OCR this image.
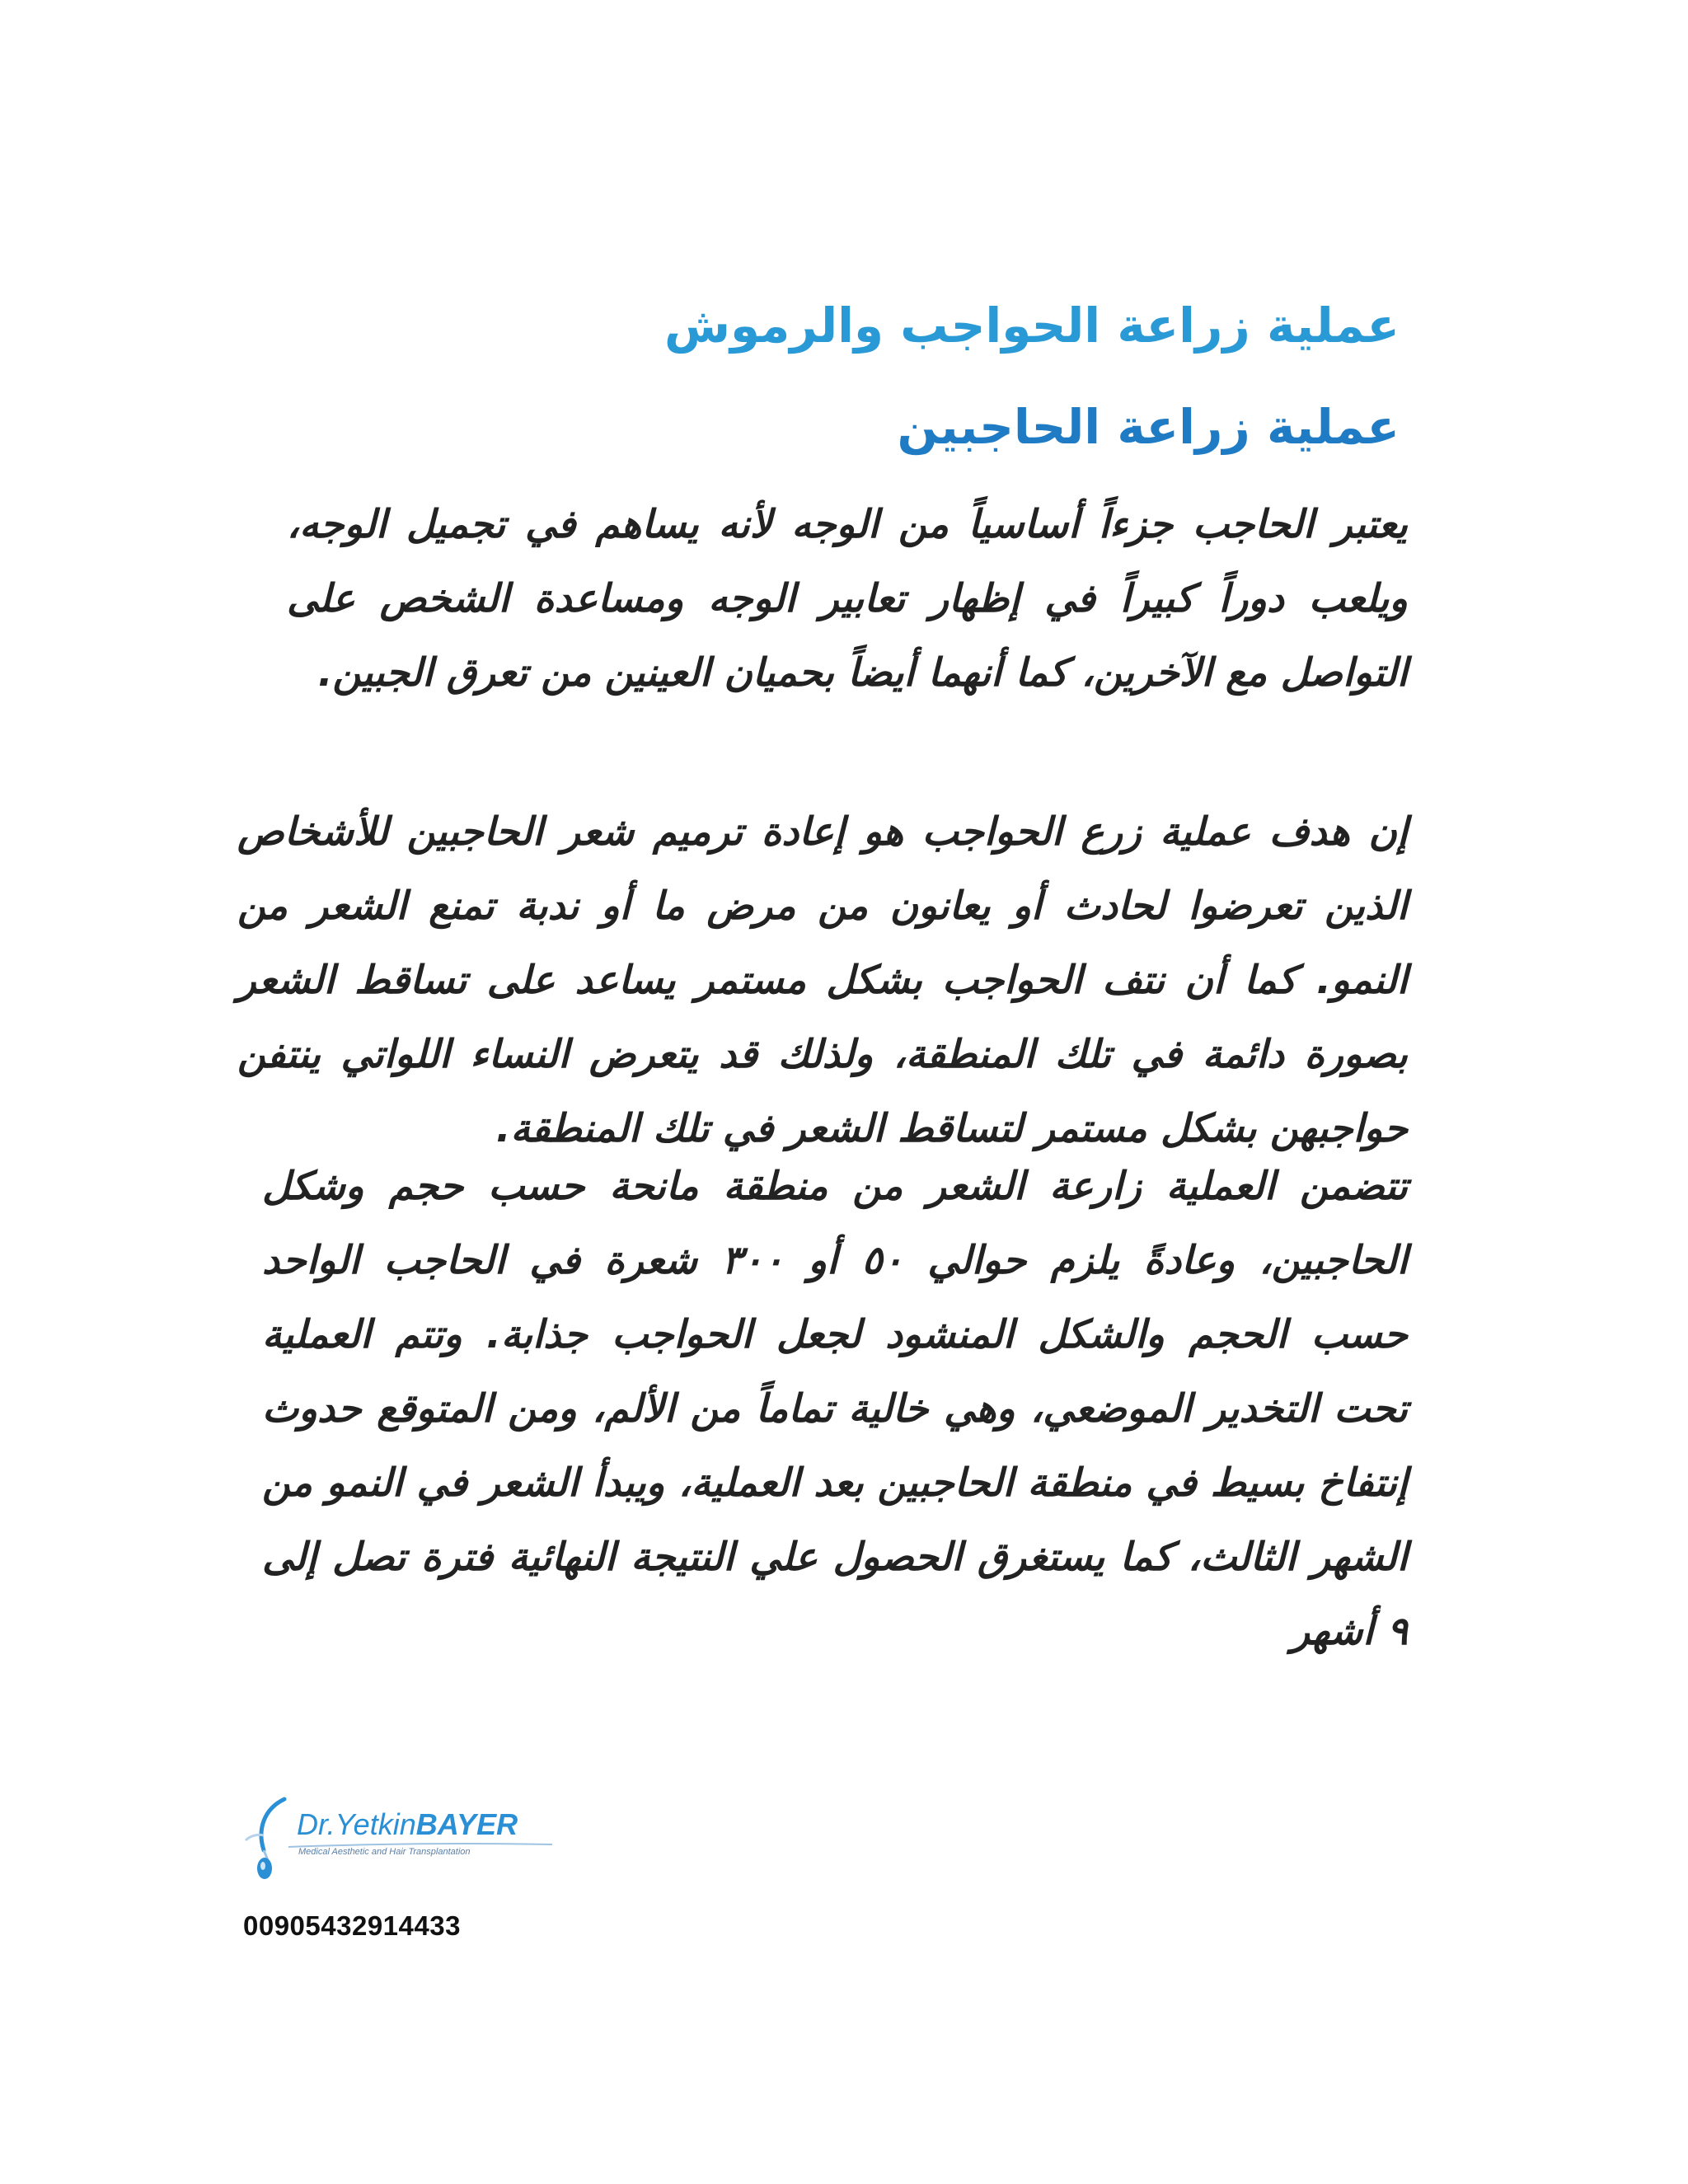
عملية زراعة الحواجب والرموش
عملية زراعة الحاجبين

يعتبر الحاجب جزءاً أساسياً من الوجه لأنه يساهم في تجميل الوجه، ويلعب دوراً كبيراً في إظهار تعابير الوجه ومساعدة الشخص على التواصل مع الآخرين، كما أنهما أيضاً بحميان العينين من تعرق الجبين.

إن هدف عملية زرع الحواجب هو إعادة ترميم شعر الحاجبين للأشخاص الذين تعرضوا لحادث أو يعانون من مرض ما أو ندبة تمنع الشعر من النمو. كما أن نتف الحواجب بشكل مستمر يساعد على تساقط الشعر بصورة دائمة في تلك المنطقة، ولذلك قد يتعرض النساء اللواتي ينتفن حواجبهن بشكل مستمر لتساقط الشعر في تلك المنطقة.

تتضمن العملية زارعة الشعر من منطقة مانحة حسب حجم وشكل الحاجبين، وعادةً يلزم حوالي ٥٠ أو ٣٠٠ شعرة في الحاجب الواحد حسب الحجم والشكل المنشود لجعل الحواجب جذابة. وتتم العملية تحت التخدير الموضعي، وهي خالية تماماً من الألم، ومن المتوقع حدوث إنتفاخ بسيط في منطقة الحاجبين بعد العملية، ويبدأ الشعر في النمو من الشهر الثالث، كما يستغرق الحصول علي النتيجة النهائية فترة تصل إلى ٩ أشهر

Dr.YetkinBAYER
Medical Aesthetic and Hair Transplantation
00905432914433
